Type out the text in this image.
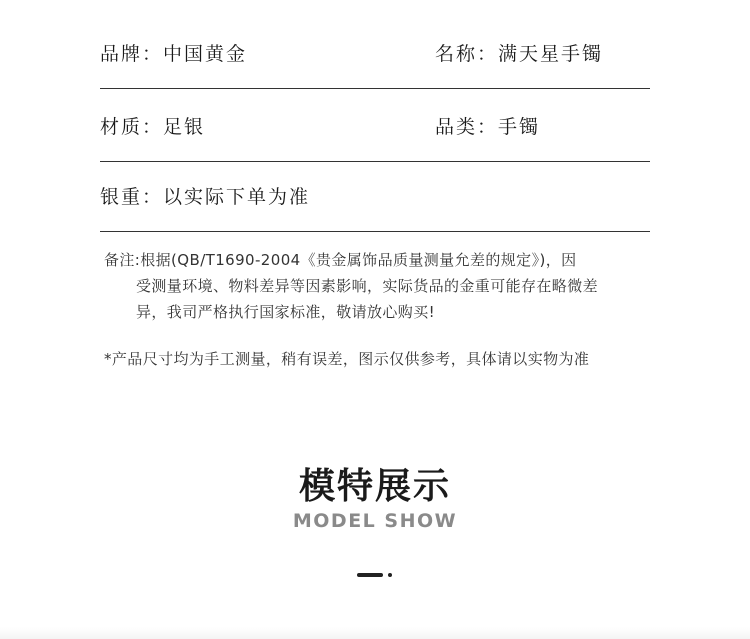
品牌：中国黄金	名称：满天星手镯
材质：足银	品类：手镯
银重：以实际下单为准
备注:根据(QB/T1690-2004《贵金属饰品质量测量允差的规定》)，因
受测量环境、物料差异等因素影响，实际货品的金重可能存在略微差
异，我司严格执行国家标准，敬请放心购买!
*产品尺寸均为手工测量，稍有误差，图示仅供参考，具体请以实物为准
模特展示
MODEL SHOW
